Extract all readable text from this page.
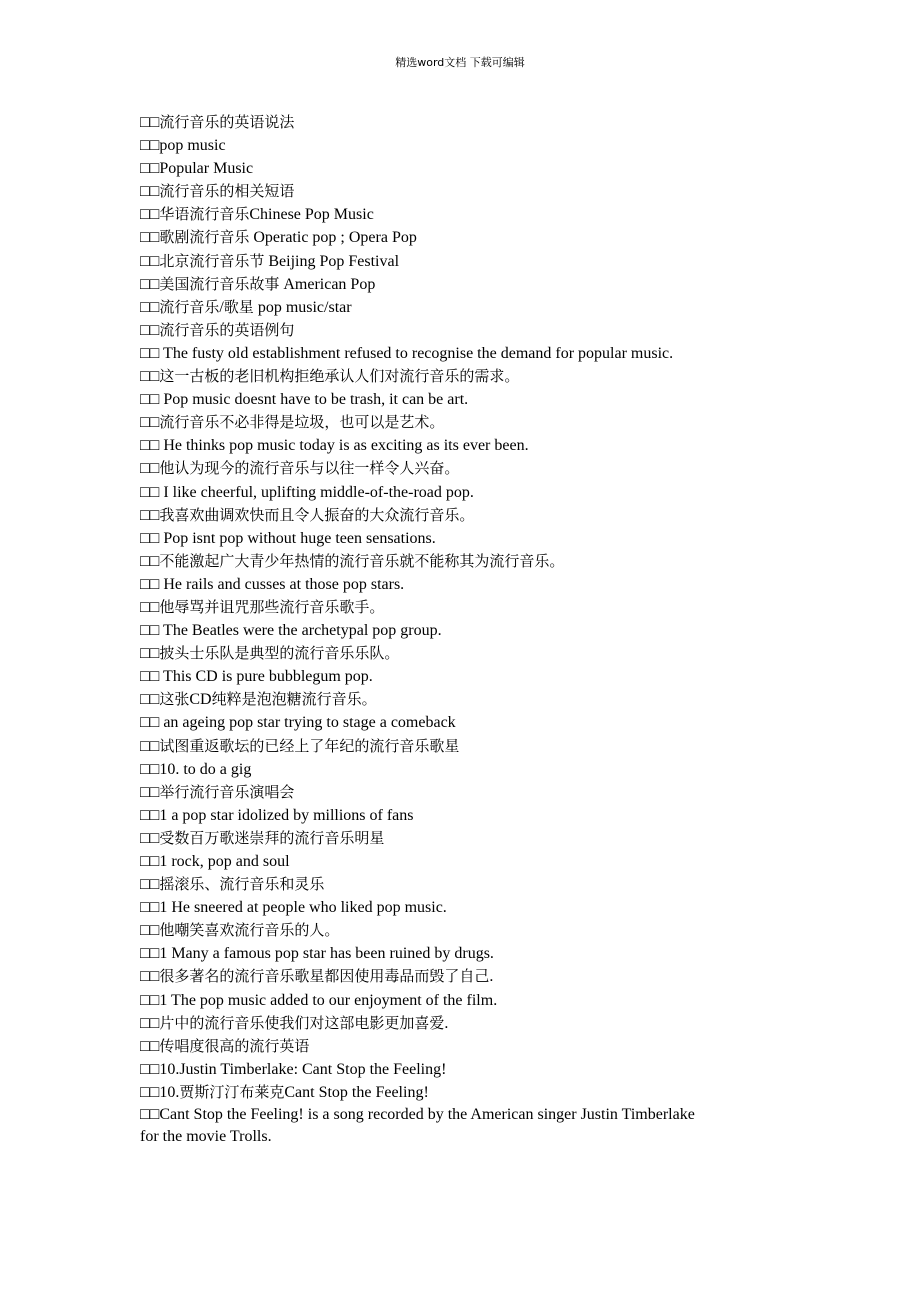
精选word文档 下载可编辑
□□流行音乐的英语说法
□□pop music
□□Popular Music
□□流行音乐的相关短语
□□华语流行音乐Chinese Pop Music
□□歌剧流行音乐 Operatic pop ; Opera Pop
□□北京流行音乐节 Beijing Pop Festival
□□美国流行音乐故事 American Pop
□□流行音乐/歌星 pop music/star
□□流行音乐的英语例句
□□ The fusty old establishment refused to recognise the demand for popular music.
□□这一古板的老旧机构拒绝承认人们对流行音乐的需求。
□□ Pop music doesnt have to be trash, it can be art.
□□流行音乐不必非得是垃圾，也可以是艺术。
□□ He thinks pop music today is as exciting as its ever been.
□□他认为现今的流行音乐与以往一样令人兴奋。
□□ I like cheerful, uplifting middle-of-the-road pop.
□□我喜欢曲调欢快而且令人振奋的大众流行音乐。
□□ Pop isnt pop without huge teen sensations.
□□不能激起广大青少年热情的流行音乐就不能称其为流行音乐。
□□ He rails and cusses at those pop stars.
□□他辱骂并诅咒那些流行音乐歌手。
□□ The Beatles were the archetypal pop group.
□□披头士乐队是典型的流行音乐乐队。
□□ This CD is pure bubblegum pop.
□□这张CD纯粹是泡泡糖流行音乐。
□□ an ageing pop star trying to stage a comeback
□□试图重返歌坛的已经上了年纪的流行音乐歌星
□□10. to do a gig
□□举行流行音乐演唱会
□□1 a pop star idolized by millions of fans
□□受数百万歌迷崇拜的流行音乐明星
□□1 rock, pop and soul
□□摇滚乐、流行音乐和灵乐
□□1 He sneered at people who liked pop music.
□□他嘲笑喜欢流行音乐的人。
□□1 Many a famous pop star has been ruined by drugs.
□□很多著名的流行音乐歌星都因使用毒品而毁了自己.
□□1 The pop music added to our enjoyment of the film.
□□片中的流行音乐使我们对这部电影更加喜爱.
□□传唱度很高的流行英语
□□10.Justin Timberlake: Cant Stop the Feeling!
□□10.贾斯汀汀布莱克Cant Stop the Feeling!
□□Cant Stop the Feeling! is a song recorded by the American singer Justin Timberlake for the movie Trolls.
